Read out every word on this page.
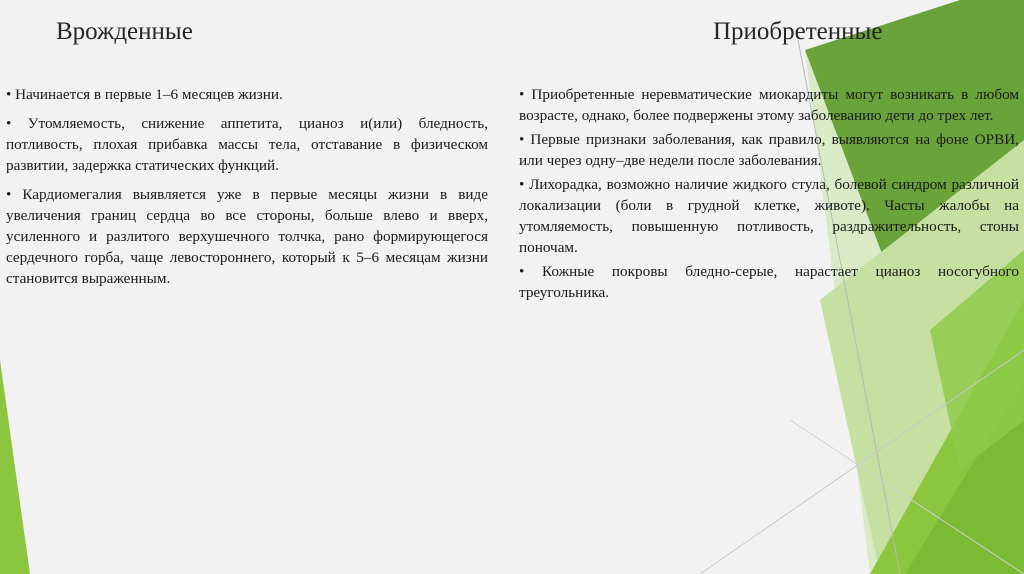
Врожденные	Приобретенные
• Начинается в первые 1–6 месяцев жизни.
• Утомляемость, снижение аппетита, цианоз и(или) бледность, потливость, плохая прибавка массы тела, отставание в физическом развитии, задержка статических функций.
• Кардиомегалия выявляется уже в первые месяцы жизни в виде увеличения границ сердца во все стороны, больше влево и вверх, усиленного и разлитого верхушечного толчка, рано формирующегося сердечного горба, чаще левостороннего, который к 5–6 месяцам жизни становится выраженным.
• Приобретенные неревматические миокардиты могут возникать в любом возрасте, однако, более подвержены этому заболеванию дети до трех лет.
• Первые признаки заболевания, как правило, выявляются на фоне ОРВИ, или через одну–две недели после заболевания.
• Лихорадка, возможно наличие жидкого стула, болевой синдром различной локализации (боли в грудной клетке, животе). Часты жалобы на утомляемость, повышенную потливость, раздражительность, стоны поночам.
• Кожные покровы бледно-серые, нарастает цианоз носогубного треугольника.
